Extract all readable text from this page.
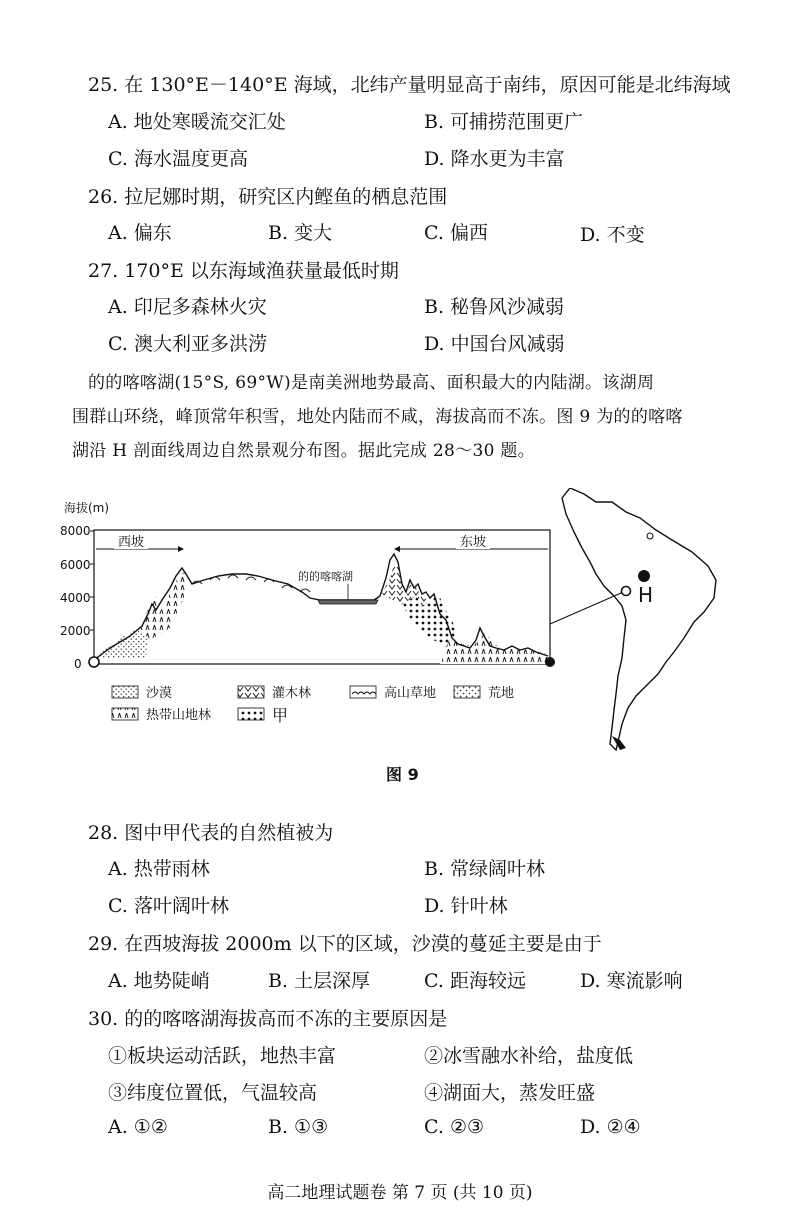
25. 在 130°E－140°E 海域，北纬产量明显高于南纬，原因可能是北纬海域
A. 地处寒暖流交汇处	B. 可捕捞范围更广
C. 海水温度更高	D. 降水更为丰富
26. 拉尼娜时期，研究区内鲣鱼的栖息范围
A. 偏东	B. 变大	C. 偏西	D. 不变
27. 170°E 以东海域渔获量最低时期
A. 印尼多森林火灾	B. 秘鲁风沙减弱
C. 澳大利亚多洪涝	D. 中国台风减弱
的的喀喀湖(15°S, 69°W)是南美洲地势最高、面积最大的内陆湖。该湖周
围群山环绕，峰顶常年积雪，地处内陆而不咸，海拔高而不冻。图 9 为的的喀喀
湖沿 H 剖面线周边自然景观分布图。据此完成 28～30 题。
海拔(m)
8000
6000
4000
2000
0
西坡	东坡
的的喀喀湖
沙漠	灌木林	高山草地	荒地
热带山地林	甲
H
图 9
28. 图中甲代表的自然植被为
A. 热带雨林	B. 常绿阔叶林
C. 落叶阔叶林	D. 针叶林
29. 在西坡海拔 2000m 以下的区域，沙漠的蔓延主要是由于
A. 地势陡峭	B. 土层深厚	C. 距海较远	D. 寒流影响
30. 的的喀喀湖海拔高而不冻的主要原因是
①板块运动活跃，地热丰富	②冰雪融水补给，盐度低
③纬度位置低，气温较高	④湖面大，蒸发旺盛
A. ①②	B. ①③	C. ②③	D. ②④
高二地理试题卷 第 7 页 (共 10 页)
